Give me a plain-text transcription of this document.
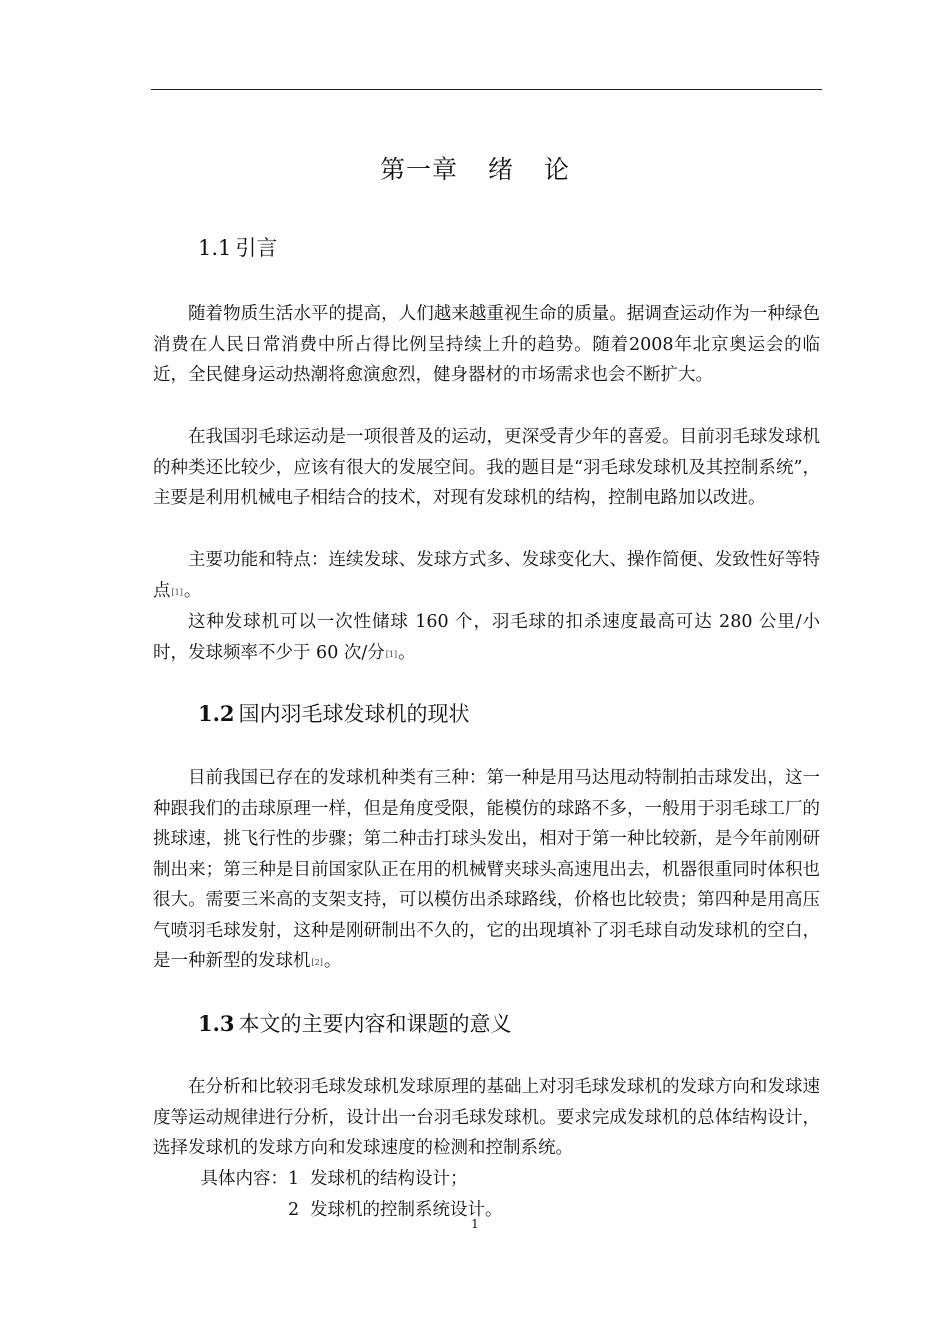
第一章 绪 论
1.1 引言

随着物质生活水平的提高，人们越来越重视生命的质量。据调查运动作为一种绿色消费在人民日常消费中所占得比例呈持续上升的趋势。随着2008年北京奥运会的临近，全民健身运动热潮将愈演愈烈，健身器材的市场需求也会不断扩大。

在我国羽毛球运动是一项很普及的运动，更深受青少年的喜爱。目前羽毛球发球机的种类还比较少，应该有很大的发展空间。我的题目是“羽毛球发球机及其控制系统”，主要是利用机械电子相结合的技术，对现有发球机的结构，控制电路加以改进。

主要功能和特点：连续发球、发球方式多、发球变化大、操作简便、发致性好等特点[1]。

这种发球机可以一次性储球 160 个，羽毛球的扣杀速度最高可达 280 公里/小时，发球频率不少于 60 次/分[1]。

1.2 国内羽毛球发球机的现状

目前我国已存在的发球机种类有三种：第一种是用马达甩动特制拍击球发出，这一种跟我们的击球原理一样，但是角度受限，能模仿的球路不多，一般用于羽毛球工厂的挑球速，挑飞行性的步骤；第二种击打球头发出，相对于第一种比较新，是今年前刚研制出来；第三种是目前国家队正在用的机械臂夹球头高速甩出去，机器很重同时体积也很大。需要三米高的支架支持，可以模仿出杀球路线，价格也比较贵；第四种是用高压气喷羽毛球发射，这种是刚研制出不久的，它的出现填补了羽毛球自动发球机的空白，是一种新型的发球机[2]。

1.3 本文的主要内容和课题的意义

在分析和比较羽毛球发球机发球原理的基础上对羽毛球发球机的发球方向和发球速度等运动规律进行分析，设计出一台羽毛球发球机。要求完成发球机的总体结构设计，选择发球机的发球方向和发球速度的检测和控制系统。

具体内容： 1 发球机的结构设计；
2 发球机的控制系统设计。
1
